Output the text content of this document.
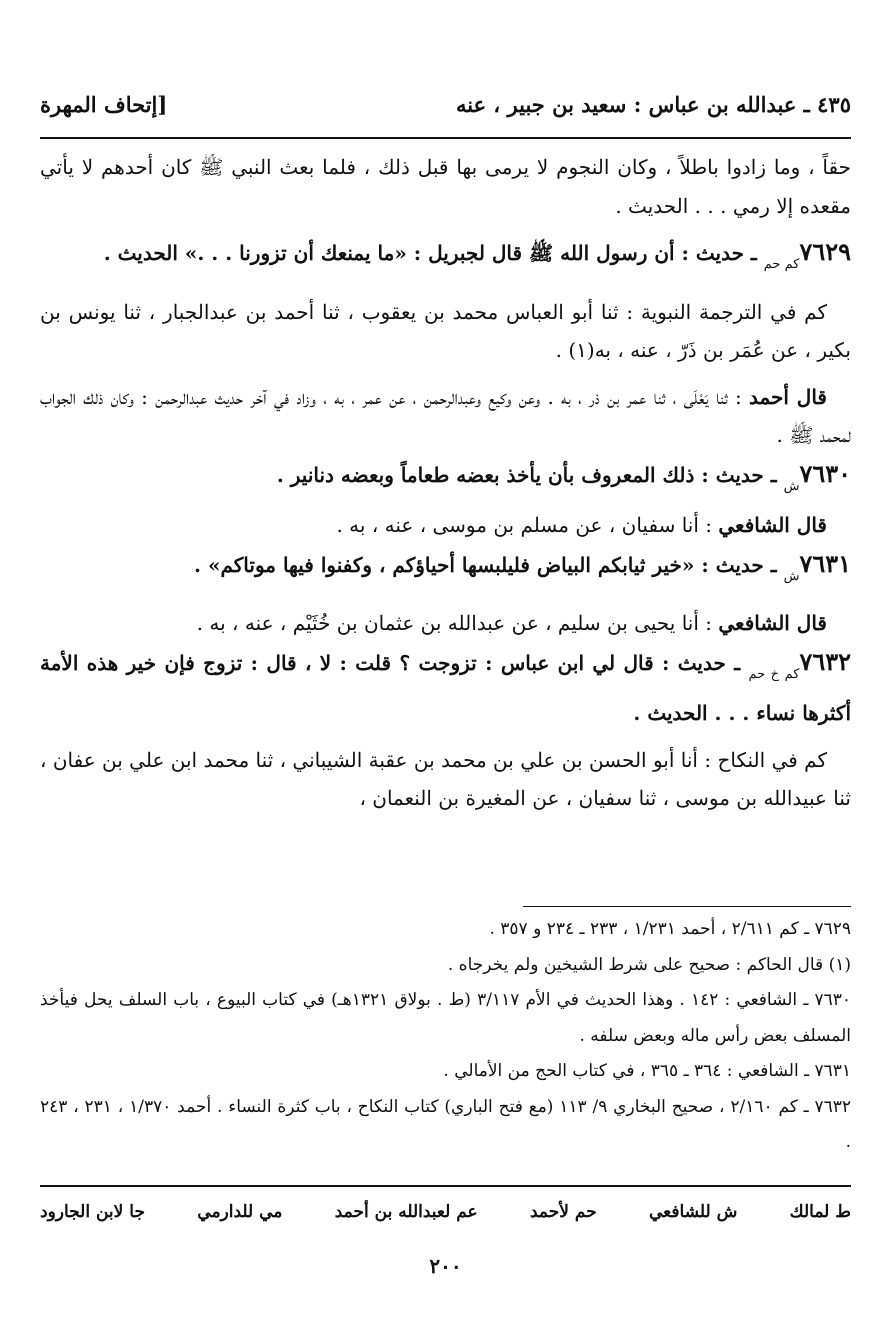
٤٣٥ ـ عبدالله بن عباس : سعيد بن جبير ، عنه
[إتحاف المهرة

حقاً ، وما زادوا باطلاً ، وكان النجوم لا يرمى بها قبل ذلك ، فلما بعث النبي ﷺ كان أحدهم لا يأتي مقعده إلا رمي . . . الحديث .

$٧٦٢٩_{كم حم}$ ـ حديث : أن رسول الله ﷺ قال لجبريل : «ما يمنعك أن تزورنا . . .» الحديث .

كم في الترجمة النبوية : ثنا أبو العباس محمد بن يعقوب ، ثنا أحمد بن عبدالجبار ، ثنا يونس بن بكير ، عن عُمَر بن ذَرّ ، عنه ، به(١) .

قال أحمد : ثنا يَعْلَى ، ثنا عمر بن ذر ، به . وعن وكيع وعبدالرحمن ، عن عمر ، به ، وزاد في آخر حديث عبدالرحمن : وكان ذلك الجواب لمحمد ﷺ .

$٧٦٣٠_ش$ ـ حديث : ذلك المعروف بأن يأخذ بعضه طعاماً وبعضه دنانير .

قال الشافعي : أنا سفيان ، عن مسلم بن موسى ، عنه ، به .

$٧٦٣١_ش$ ـ حديث : «خير ثيابكم البياض فليلبسها أحياؤكم ، وكفنوا فيها موتاكم» .

قال الشافعي : أنا يحيى بن سليم ، عن عبدالله بن عثمان بن خُثَيْم ، عنه ، به .

$٧٦٣٢_{كم خ حم}$ ـ حديث : قال لي ابن عباس : تزوجت ؟ قلت : لا ، قال : تزوج فإن خير هذه الأمة أكثرها نساء . . . الحديث .

كم في النكاح : أنا أبو الحسن بن علي بن محمد بن عقبة الشيباني ، ثنا محمد ابن علي بن عفان ، ثنا عبيدالله بن موسى ، ثنا سفيان ، عن المغيرة بن النعمان ،

٧٦٢٩ ـ كم ٢/٦١١ ، أحمد ١/٢٣١ ، ٢٣٣ ـ ٢٣٤ و ٣٥٧ .

(١) قال الحاكم : صحيح على شرط الشيخين ولم يخرجاه .

٧٦٣٠ ـ الشافعي : ١٤٢ . وهذا الحديث في الأم ٣/١١٧ (ط . بولاق ١٣٢١هـ) في كتاب البيوع ، باب السلف يحل فيأخذ المسلف بعض رأس ماله وبعض سلفه .

٧٦٣١ ـ الشافعي : ٣٦٤ ـ ٣٦٥ ، في كتاب الحج من الأمالي .

٧٦٣٢ ـ كم ٢/١٦٠ ، صحيح البخاري ٩/ ١١٣ (مع فتح الباري) كتاب النكاح ، باب كثرة النساء . أحمد ١/٣٧٠ ، ٢٣١ ، ٢٤٣ .

ط لمالك
ش للشافعي
حم لأحمد
عم لعبدالله بن أحمد
مي للدارمي
جا لابن الجارود
٢٠٠
